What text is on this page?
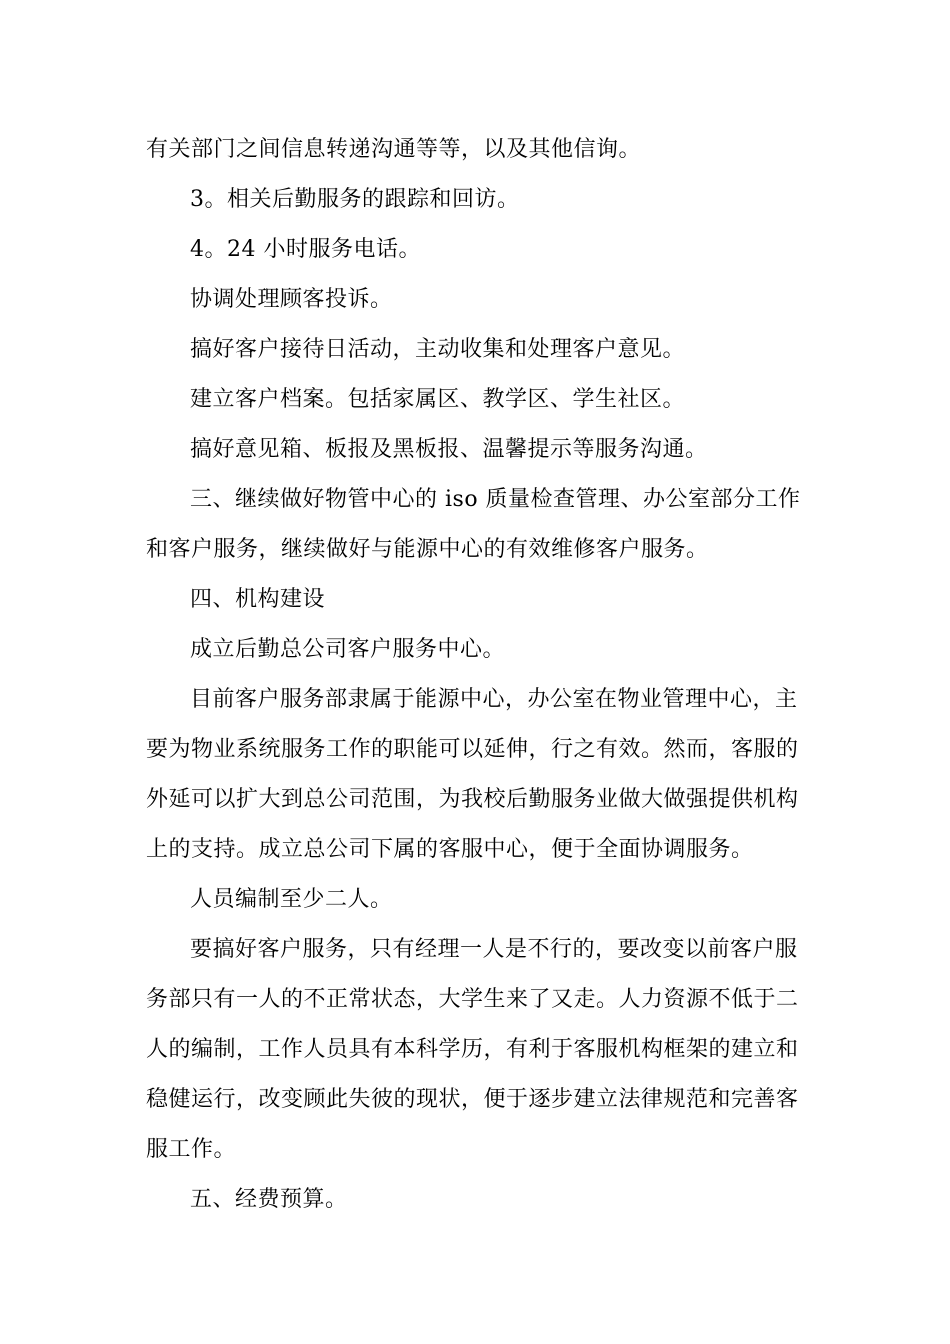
有关部门之间信息转递沟通等等，以及其他信询。
3。相关后勤服务的跟踪和回访。
4。24 小时服务电话。
协调处理顾客投诉。
搞好客户接待日活动，主动收集和处理客户意见。
建立客户档案。包括家属区、教学区、学生社区。
搞好意见箱、板报及黑板报、温馨提示等服务沟通。
三、继续做好物管中心的 iso 质量检查管理、办公室部分工作
和客户服务，继续做好与能源中心的有效维修客户服务。
四、机构建设
成立后勤总公司客户服务中心。
目前客户服务部隶属于能源中心，办公室在物业管理中心，主
要为物业系统服务工作的职能可以延伸，行之有效。然而，客服的
外延可以扩大到总公司范围，为我校后勤服务业做大做强提供机构
上的支持。成立总公司下属的客服中心，便于全面协调服务。
人员编制至少二人。
要搞好客户服务，只有经理一人是不行的，要改变以前客户服
务部只有一人的不正常状态，大学生来了又走。人力资源不低于二
人的编制，工作人员具有本科学历，有利于客服机构框架的建立和
稳健运行，改变顾此失彼的现状，便于逐步建立法律规范和完善客
服工作。
五、经费预算。
